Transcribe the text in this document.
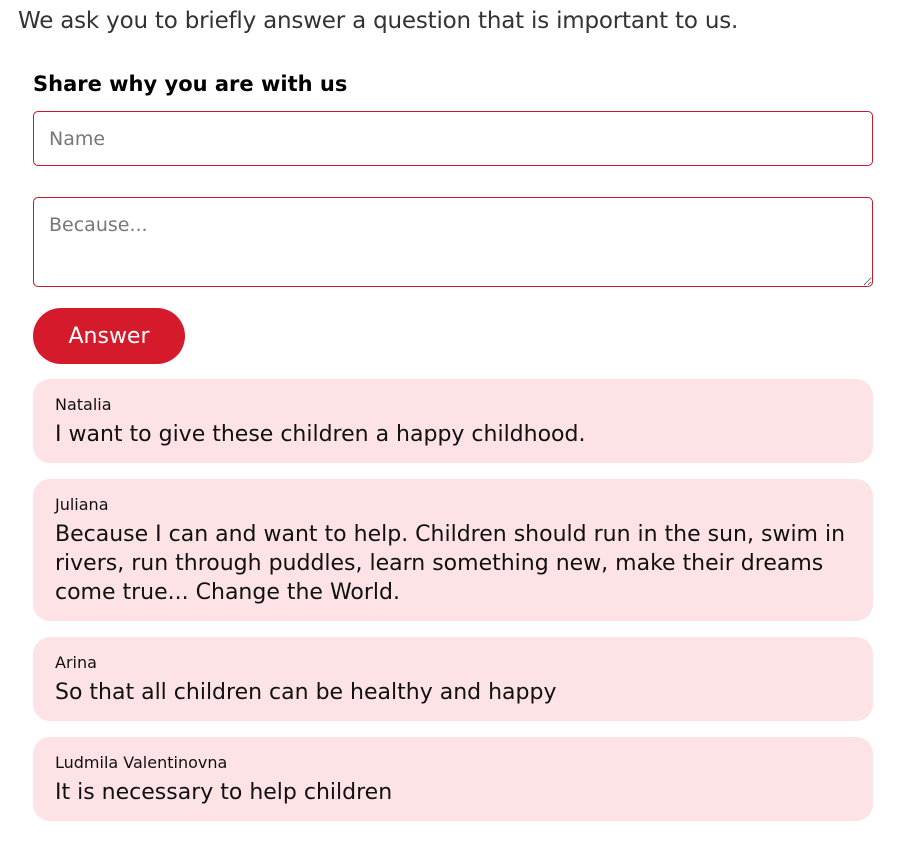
We ask you to briefly answer a question that is important to us.
Share why you are with us
Name
Because...
Answer
Natalia
I want to give these children a happy childhood.
Juliana
Because I can and want to help. Children should run in the sun, swim in rivers, run through puddles, learn something new, make their dreams come true... Change the World.
Arina
So that all children can be healthy and happy
Ludmila Valentinovna
It is necessary to help children
